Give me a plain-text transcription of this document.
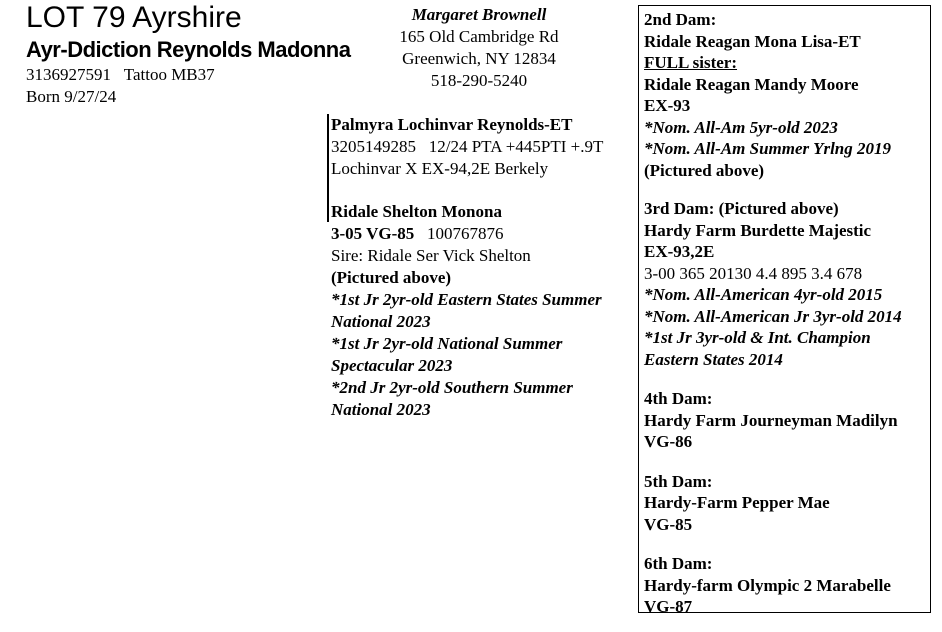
LOT 79 Ayrshire
Ayr-Ddiction Reynolds Madonna
3136927591 Tattoo MB37
Born 9/27/24
Margaret Brownell
165 Old Cambridge Rd
Greenwich, NY 12834
518-290-5240
Palmyra Lochinvar Reynolds-ET
3205149285 12/24 PTA +445PTI +.9T
Lochinvar X EX-94,2E Berkely
Ridale Shelton Monona
3-05 VG-85 100767876
Sire: Ridale Ser Vick Shelton
(Pictured above)
*1st Jr 2yr-old Eastern States Summer
National 2023
*1st Jr 2yr-old National Summer
Spectacular 2023
*2nd Jr 2yr-old Southern Summer
National 2023
2nd Dam:
Ridale Reagan Mona Lisa-ET
FULL sister:
Ridale Reagan Mandy Moore
EX-93
*Nom. All-Am 5yr-old 2023
*Nom. All-Am Summer Yrlng 2019
(Pictured above)
3rd Dam: (Pictured above)
Hardy Farm Burdette Majestic
EX-93,2E
3-00 365 20130 4.4 895 3.4 678
*Nom. All-American 4yr-old 2015
*Nom. All-American Jr 3yr-old 2014
*1st Jr 3yr-old & Int. Champion
Eastern States 2014
4th Dam:
Hardy Farm Journeyman Madilyn
VG-86
5th Dam:
Hardy-Farm Pepper Mae
VG-85
6th Dam:
Hardy-farm Olympic 2 Marabelle
VG-87
